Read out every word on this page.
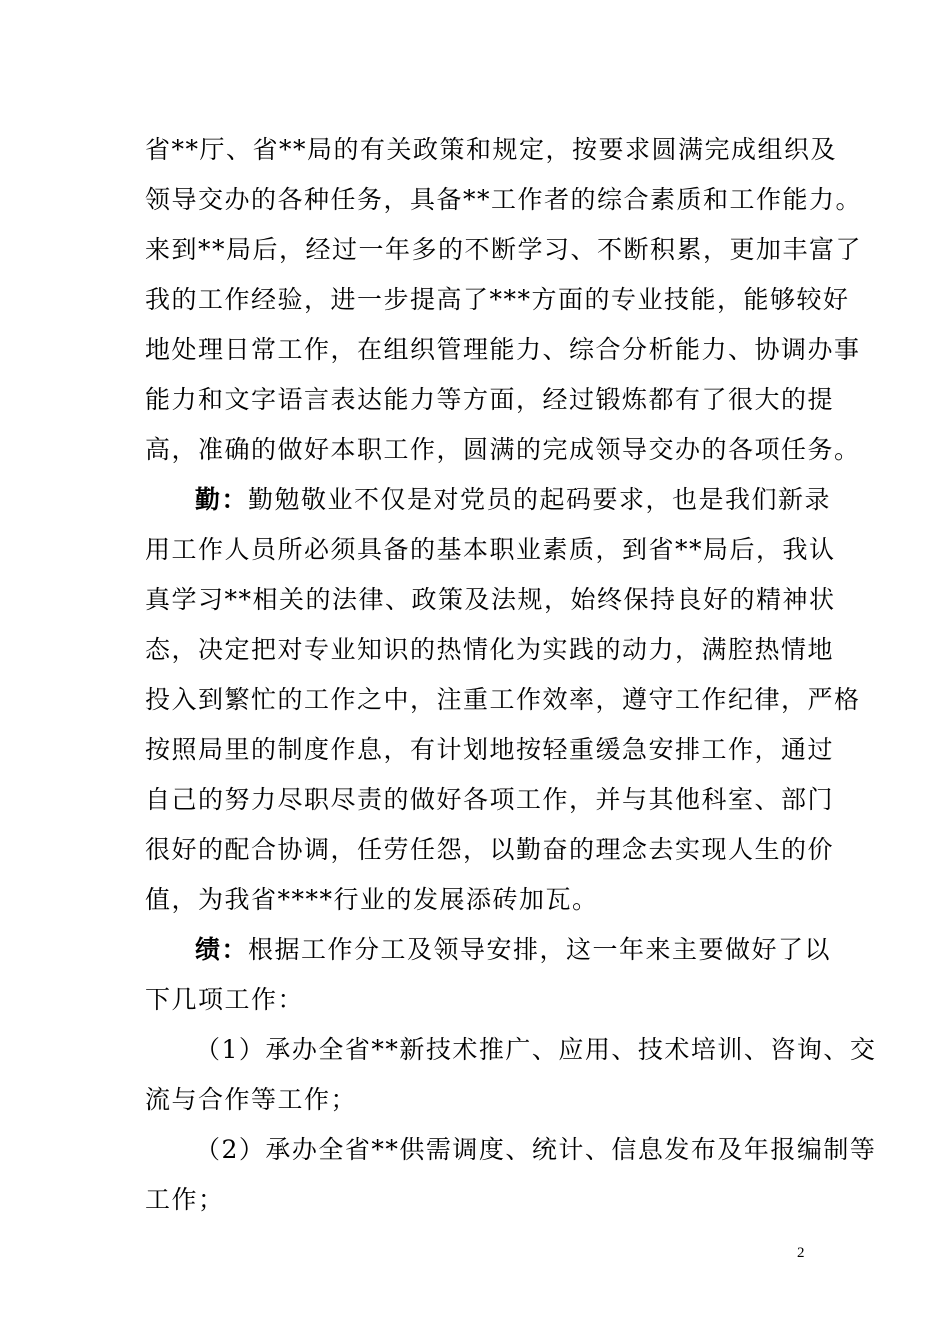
省**厅、省**局的有关政策和规定，按要求圆满完成组织及
领导交办的各种任务，具备**工作者的综合素质和工作能力。
来到**局后，经过一年多的不断学习、不断积累，更加丰富了
我的工作经验，进一步提高了***方面的专业技能，能够较好
地处理日常工作，在组织管理能力、综合分析能力、协调办事
能力和文字语言表达能力等方面，经过锻炼都有了很大的提
高，准确的做好本职工作，圆满的完成领导交办的各项任务。
勤：勤勉敬业不仅是对党员的起码要求，也是我们新录
用工作人员所必须具备的基本职业素质，到省**局后，我认
真学习**相关的法律、政策及法规，始终保持良好的精神状
态，决定把对专业知识的热情化为实践的动力，满腔热情地
投入到繁忙的工作之中，注重工作效率，遵守工作纪律，严格
按照局里的制度作息，有计划地按轻重缓急安排工作，通过
自己的努力尽职尽责的做好各项工作，并与其他科室、部门
很好的配合协调，任劳任怨，以勤奋的理念去实现人生的价
值，为我省****行业的发展添砖加瓦。
绩：根据工作分工及领导安排，这一年来主要做好了以
下几项工作：
（1）承办全省**新技术推广、应用、技术培训、咨询、交
流与合作等工作；
（2）承办全省**供需调度、统计、信息发布及年报编制等
工作；
2
